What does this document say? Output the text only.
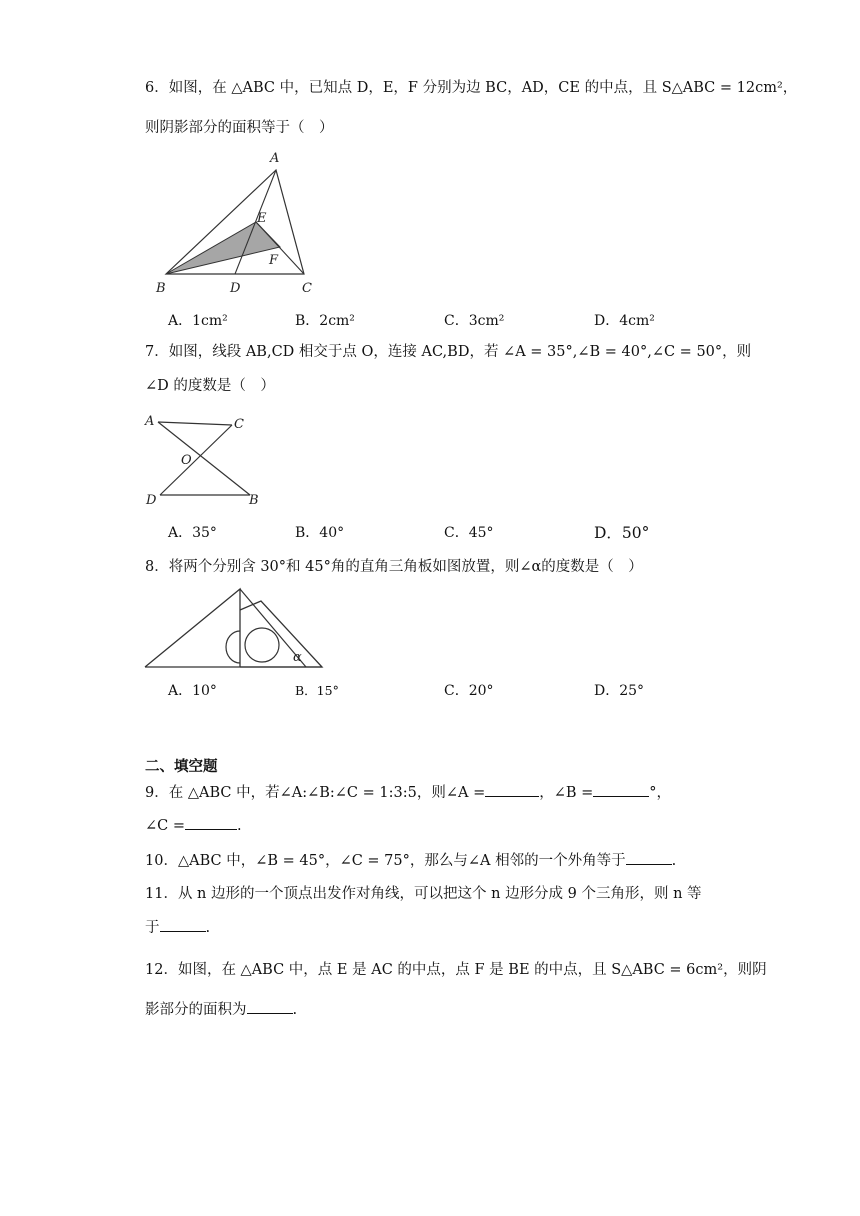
6．如图，在 △ABC 中，已知点 D，E，F 分别为边 BC，AD，CE 的中点，且 S△ABC = 12cm²，
则阴影部分的面积等于（　）
A
B	C
D
E
F
A．1cm²	B．2cm²	C．3cm²	D．4cm²
7．如图，线段 AB,CD 相交于点 O，连接 AC,BD，若 ∠A = 35°,∠B = 40°,∠C = 50°，则
∠D 的度数是（　）
A	C
O
D	B
A．35°	B．40°	C．45°	D．50°
8．将两个分别含 30°和 45°角的直角三角板如图放置，则∠α的度数是（　）
α
A．10°	B．15°	C．20°	D．25°
二、填空题
9．在 △ABC 中，若∠A:∠B:∠C = 1:3:5，则∠A =	，∠B =	°，
∠C =	.
10．△ABC 中，∠B = 45°，∠C = 75°，那么与∠A 相邻的一个外角等于	.
11．从 n 边形的一个顶点出发作对角线，可以把这个 n 边形分成 9 个三角形，则 n 等
于	.
12．如图，在 △ABC 中，点 E 是 AC 的中点，点 F 是 BE 的中点，且 S△ABC = 6cm²，则阴
影部分的面积为	.
